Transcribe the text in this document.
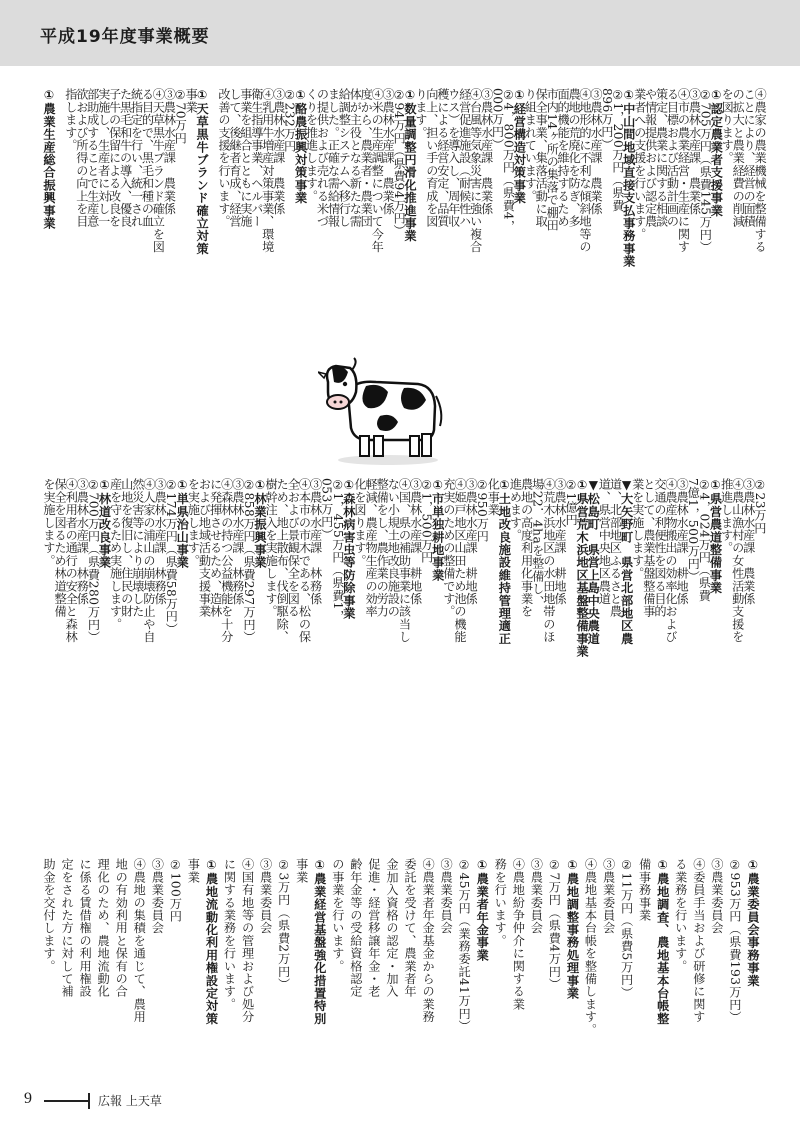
平成19年度事業概要
④農家の農業機械を整備する
ことにより、経営の面積
の拡大と農業経費の削減
を図ります。
①認定農業者支援事業
②705万円（県費145万円）
③農林水産課　農業係
④市の農業経営・生産に関す
る目標および活動計画の
策定、農業に関する相談
や情報提供および認定農
業者への支援を行います。
①中山間地域直接支払事務事業
②1，200万円（県費
896万円）
③農林水産課　農業係
④地形的に不利な傾斜地等の
農地の荒廃化を防ぎ、多
面的機能を維持するため
市内14ヶ所の集落で棚田
保全事業、集落活動に取
り組まれています。
①経営構造対策事業
②4，800万円（県費4，
000万円）
③農林水産課　農業係
④台風等気象災害に強い複合
経営促進施設（耐候性ハ
ウス）を導入し、周年収
穫による経営安定、品質
向上、担い手の育成を図
ります。
①数量調整円滑化推進事業
②94万円（県費94万円）
③農林水産課　農業係
④米の生産調整について今年
度から、農業者・農業団
体が主役となる新たな需
給調整システムへ移行し
ました。正確な需給情報
の提供および売れる米づ
くりを推進します。
①酪農振興対策事業
②232万円
③農林水産課　農業係
④乳用牛増産対策事業、環境
衛生指導事業、ヘルパー
事業を組合とともに実施
して、後継者育成、経営
改善の支援を行います。
①天草黒牛ブランド確立対策
事業
②70万円
③農林水産課　農業係
④天草黒牛ブランド確立を図
る目的で、黒毛和種の血
統指定を行い、統一され
た黒毛和牛の導入、優良
子牛の保留による改良を
実施し、生産者に対し一
部助成することで生産意
欲および所得の向上を目
指します。
①農業生産総合振興事業
②23万円
③農林水産課　農業係
④農山漁村の女性活動支援を
推進します。
①県営農道整備事業
②4，024万円（県費
7億1，500万円）
③農林水産課　耕地係
④農産物搬出の効率化および
交通の利便性を図る目的
として、農業基盤整備事
業を実施します。
▼大矢野町　県営北部地区農
道、北部地区ふるさと農
道、県営中央地区農道
▼松島町　県営上島中央農道
①県営荒木浜地区基盤整備事業
②1億円
③農林水産課　耕地係
④荒木浜地区の水田地帯のほ
場22．4haを整備し、
農地の高度利用化事業を
進めます。
①土地改良施設維持管理適正
化事業
②950万円
③農林水産課　耕地係
④姫戸地区山田ため池の機能
充実のための整備です。
①市単独耕地事業
②1，500万円
③農林水産課　耕地係
④国、県の補助事業に該当し
ない小規土地改良施設の
整備をし、農作業の労力
軽減、農産物生産の効率
化を図ります。
①森林病害虫等防除事業
②1，455万円（県費1，
053万円）
③農林水産課　林務係
④本市の市木である、松の保
全および景観保全を図る
ため、地上散布、伐倒駆除、
樹幹注入を実施します。
①林業振興事業
②858万円（県費297万円）
③農林水産課　林務係
④森林の持つ公益機能を十分
に発揮させるため、造林
および地域活動支援事業
を実施します。
①単県治山事業
②174万円（県費58万円）
③農林水産課　林務係
④人家の浦山の崩壊防止や自
然災害等により崩壊した
山地を復旧し、住民の財
産を守るため実施します。
①林道改良事業
②700万円（県費280万円）
③農林水産課　林務係
④利用者の通行の安全と森林
保全を図るため林道整備
を実施します。
①農業委員会事務事業
②953万円（県費193万円）
③農業委員会
④委員手当および研修に関す
る業務を行います。
①農地調査、農地基本台帳整
備事務事業
②11万円（県費5万円）
③農業委員会
④農地基本台帳を整備します。
①農地調整事務処理事業
②7万円（県費4万円）
③農業委員会
④農地紛争仲介に関する業
務を行います。
①農業者年金事業
②45万円（業務委託41万円）
③農業委員会
④農業者年金基金からの業務
委託を受けて、農業者年
金加入資格の認定・加入
促進・経営移譲年金・老
齢年金等の受給資格認定
の事業を行います。
①農業経営基盤強化措置特別
事業
②3万円（県費2万円）
③農業委員会
④国有地等の管理および処分
に関する業務を行います。
①農地流動化利用権設定対策
事業
②100万円
③農業委員会
④農地の集積を通じて、農用
地の有効利用と保有の合
理化のため、農地流動化
に係る賃借権の利用権設
定をされた方に対して補
助金を交付します。
9	広報 上天草
